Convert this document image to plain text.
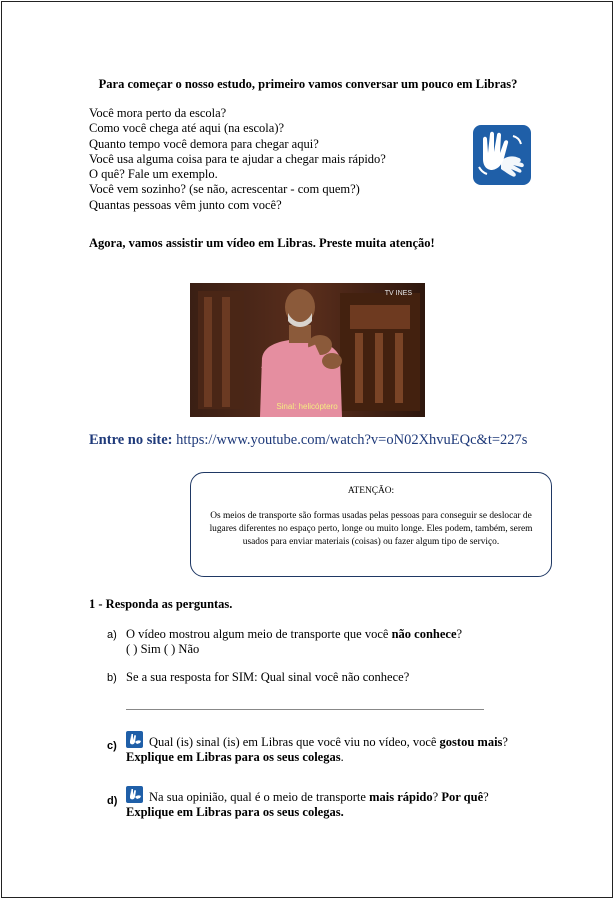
Para começar o nosso estudo, primeiro vamos conversar um pouco em Libras?
Você mora perto da escola?
Como você chega até aqui (na escola)?
Quanto tempo você demora para chegar aqui?
Você usa alguma coisa para te ajudar a chegar mais rápido?
O quê? Fale um exemplo.
Você vem sozinho? (se não, acrescentar - com quem?)
Quantas pessoas vêm junto com você?
Agora, vamos assistir um vídeo em Libras. Preste muita atenção!
TV INES
Sinal: helicóptero
Entre no site: https://www.youtube.com/watch?v=oN02XhvuEQc&t=227s
ATENÇÃO:
Os meios de transporte são formas usadas pelas pessoas para conseguir se deslocar de lugares diferentes no espaço perto, longe ou muito longe. Eles podem, também, serem usados para enviar materiais (coisas) ou fazer algum tipo de serviço.
1 - Responda as perguntas.
a) O vídeo mostrou algum meio de transporte que você não conhece?
( ) Sim ( ) Não
b) Se a sua resposta for SIM: Qual sinal você não conhece?
c)	Qual (is) sinal (is) em Libras que você viu no vídeo, você gostou mais?
Explique em Libras para os seus colegas.
d)	Na sua opinião, qual é o meio de transporte mais rápido? Por quê?
Explique em Libras para os seus colegas.
